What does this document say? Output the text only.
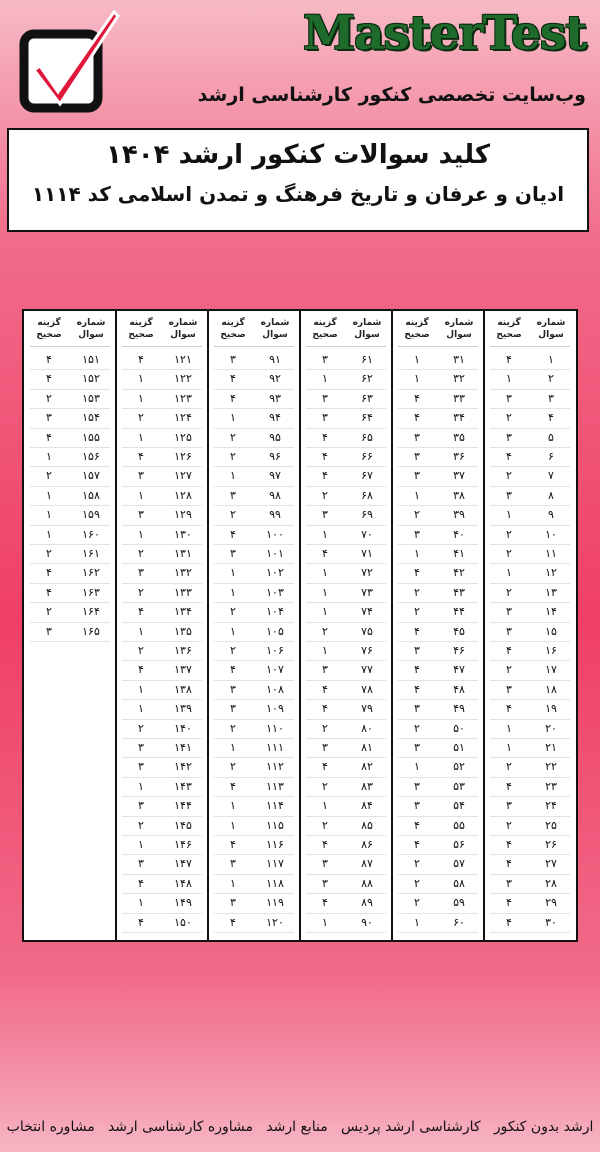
MasterTest
وب‌سایت تخصصی کنکور کارشناسی ارشد
کلید سوالات کنکور ارشد ۱۴۰۴
ادیان و عرفان و تاریخ فرهنگ و تمدن اسلامی کد ۱۱۱۴
شماره سوال
گزینه صحیح
۱
۴
۲
۱
۳
۳
۴
۲
۵
۳
۶
۴
۷
۲
۸
۳
۹
۱
۱۰
۲
۱۱
۲
۱۲
۱
۱۳
۲
۱۴
۳
۱۵
۳
۱۶
۴
۱۷
۲
۱۸
۳
۱۹
۴
۲۰
۱
۲۱
۱
۲۲
۲
۲۳
۴
۲۴
۳
۲۵
۲
۲۶
۴
۲۷
۴
۲۸
۳
۲۹
۴
۳۰
۴
شماره سوال
گزینه صحیح
۳۱
۱
۳۲
۱
۳۳
۴
۳۴
۴
۳۵
۳
۳۶
۳
۳۷
۳
۳۸
۱
۳۹
۲
۴۰
۳
۴۱
۱
۴۲
۴
۴۳
۲
۴۴
۲
۴۵
۴
۴۶
۳
۴۷
۴
۴۸
۴
۴۹
۳
۵۰
۲
۵۱
۳
۵۲
۱
۵۳
۳
۵۴
۳
۵۵
۴
۵۶
۴
۵۷
۲
۵۸
۲
۵۹
۲
۶۰
۱
شماره سوال
گزینه صحیح
۶۱
۳
۶۲
۱
۶۳
۳
۶۴
۳
۶۵
۴
۶۶
۴
۶۷
۴
۶۸
۲
۶۹
۳
۷۰
۱
۷۱
۴
۷۲
۱
۷۳
۱
۷۴
۱
۷۵
۲
۷۶
۱
۷۷
۳
۷۸
۴
۷۹
۴
۸۰
۲
۸۱
۳
۸۲
۴
۸۳
۲
۸۴
۱
۸۵
۲
۸۶
۴
۸۷
۳
۸۸
۳
۸۹
۴
۹۰
۱
شماره سوال
گزینه صحیح
۹۱
۳
۹۲
۴
۹۳
۴
۹۴
۱
۹۵
۲
۹۶
۲
۹۷
۱
۹۸
۳
۹۹
۲
۱۰۰
۴
۱۰۱
۳
۱۰۲
۱
۱۰۳
۱
۱۰۴
۲
۱۰۵
۱
۱۰۶
۲
۱۰۷
۴
۱۰۸
۳
۱۰۹
۳
۱۱۰
۲
۱۱۱
۱
۱۱۲
۲
۱۱۳
۴
۱۱۴
۱
۱۱۵
۱
۱۱۶
۴
۱۱۷
۳
۱۱۸
۱
۱۱۹
۳
۱۲۰
۴
شماره سوال
گزینه صحیح
۱۲۱
۴
۱۲۲
۱
۱۲۳
۱
۱۲۴
۲
۱۲۵
۱
۱۲۶
۴
۱۲۷
۳
۱۲۸
۱
۱۲۹
۳
۱۳۰
۱
۱۳۱
۲
۱۳۲
۳
۱۳۳
۲
۱۳۴
۴
۱۳۵
۱
۱۳۶
۲
۱۳۷
۴
۱۳۸
۱
۱۳۹
۱
۱۴۰
۲
۱۴۱
۳
۱۴۲
۳
۱۴۳
۱
۱۴۴
۳
۱۴۵
۲
۱۴۶
۱
۱۴۷
۳
۱۴۸
۴
۱۴۹
۱
۱۵۰
۴
شماره سوال
گزینه صحیح
۱۵۱
۴
۱۵۲
۴
۱۵۳
۲
۱۵۴
۳
۱۵۵
۴
۱۵۶
۱
۱۵۷
۲
۱۵۸
۱
۱۵۹
۱
۱۶۰
۱
۱۶۱
۲
۱۶۲
۴
۱۶۳
۴
۱۶۴
۲
۱۶۵
۳
ارشد بدون کنکور
کارشناسی ارشد پردیس
منابع ارشد
مشاوره کارشناسی ارشد
مشاوره انتخاب
